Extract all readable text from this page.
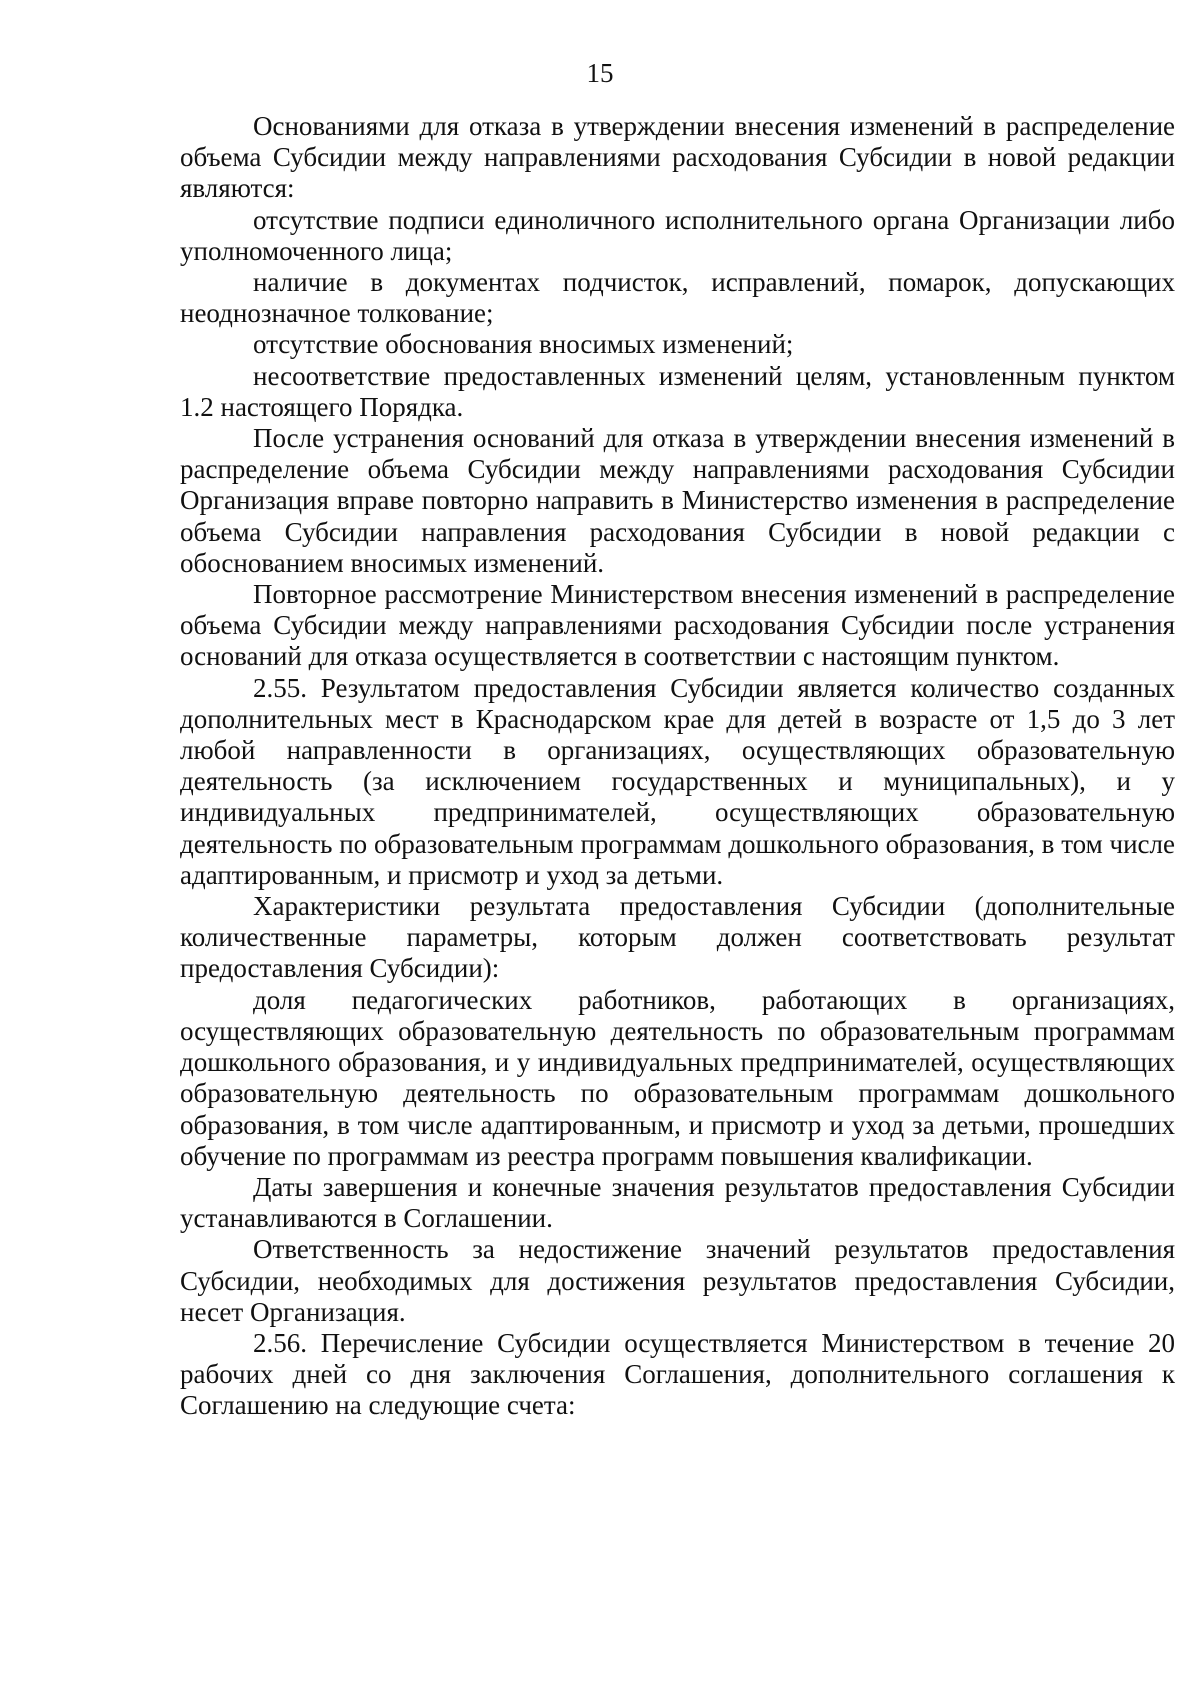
15

Основаниями для отказа в утверждении внесения изменений в распределение объема Субсидии между направлениями расходования Субсидии в новой редакции являются:

отсутствие подписи единоличного исполнительного органа Организации либо уполномоченного лица;

наличие в документах подчисток, исправлений, помарок, допускающих неоднозначное толкование;

отсутствие обоснования вносимых изменений;

несоответствие предоставленных изменений целям, установленным пунктом 1.2 настоящего Порядка.

После устранения оснований для отказа в утверждении внесения изменений в распределение объема Субсидии между направлениями расходования Субсидии Организация вправе повторно направить в Министерство изменения в распределение объема Субсидии направления расходования Субсидии в новой редакции с обоснованием вносимых изменений.

Повторное рассмотрение Министерством внесения изменений в распределение объема Субсидии между направлениями расходования Субсидии после устранения оснований для отказа осуществляется в соответствии с настоящим пунктом.

2.55. Результатом предоставления Субсидии является количество созданных дополнительных мест в Краснодарском крае для детей в возрасте от 1,5 до 3 лет любой направленности в организациях, осуществляющих образовательную деятельность (за исключением государственных и муниципальных), и у индивидуальных предпринимателей, осуществляющих образовательную деятельность по образовательным программам дошкольного образования, в том числе адаптированным, и присмотр и уход за детьми.

Характеристики результата предоставления Субсидии (дополнительные количественные параметры, которым должен соответствовать результат предоставления Субсидии):

доля педагогических работников, работающих в организациях, осуществляющих образовательную деятельность по образовательным программам дошкольного образования, и у индивидуальных предпринимателей, осуществляющих образовательную деятельность по образовательным программам дошкольного образования, в том числе адаптированным, и присмотр и уход за детьми, прошедших обучение по программам из реестра программ повышения квалификации.

Даты завершения и конечные значения результатов предоставления Субсидии устанавливаются в Соглашении.

Ответственность за недостижение значений результатов предоставления Субсидии, необходимых для достижения результатов предоставления Субсидии, несет Организация.

2.56. Перечисление Субсидии осуществляется Министерством в течение 20 рабочих дней со дня заключения Соглашения, дополнительного соглашения к Соглашению на следующие счета:
